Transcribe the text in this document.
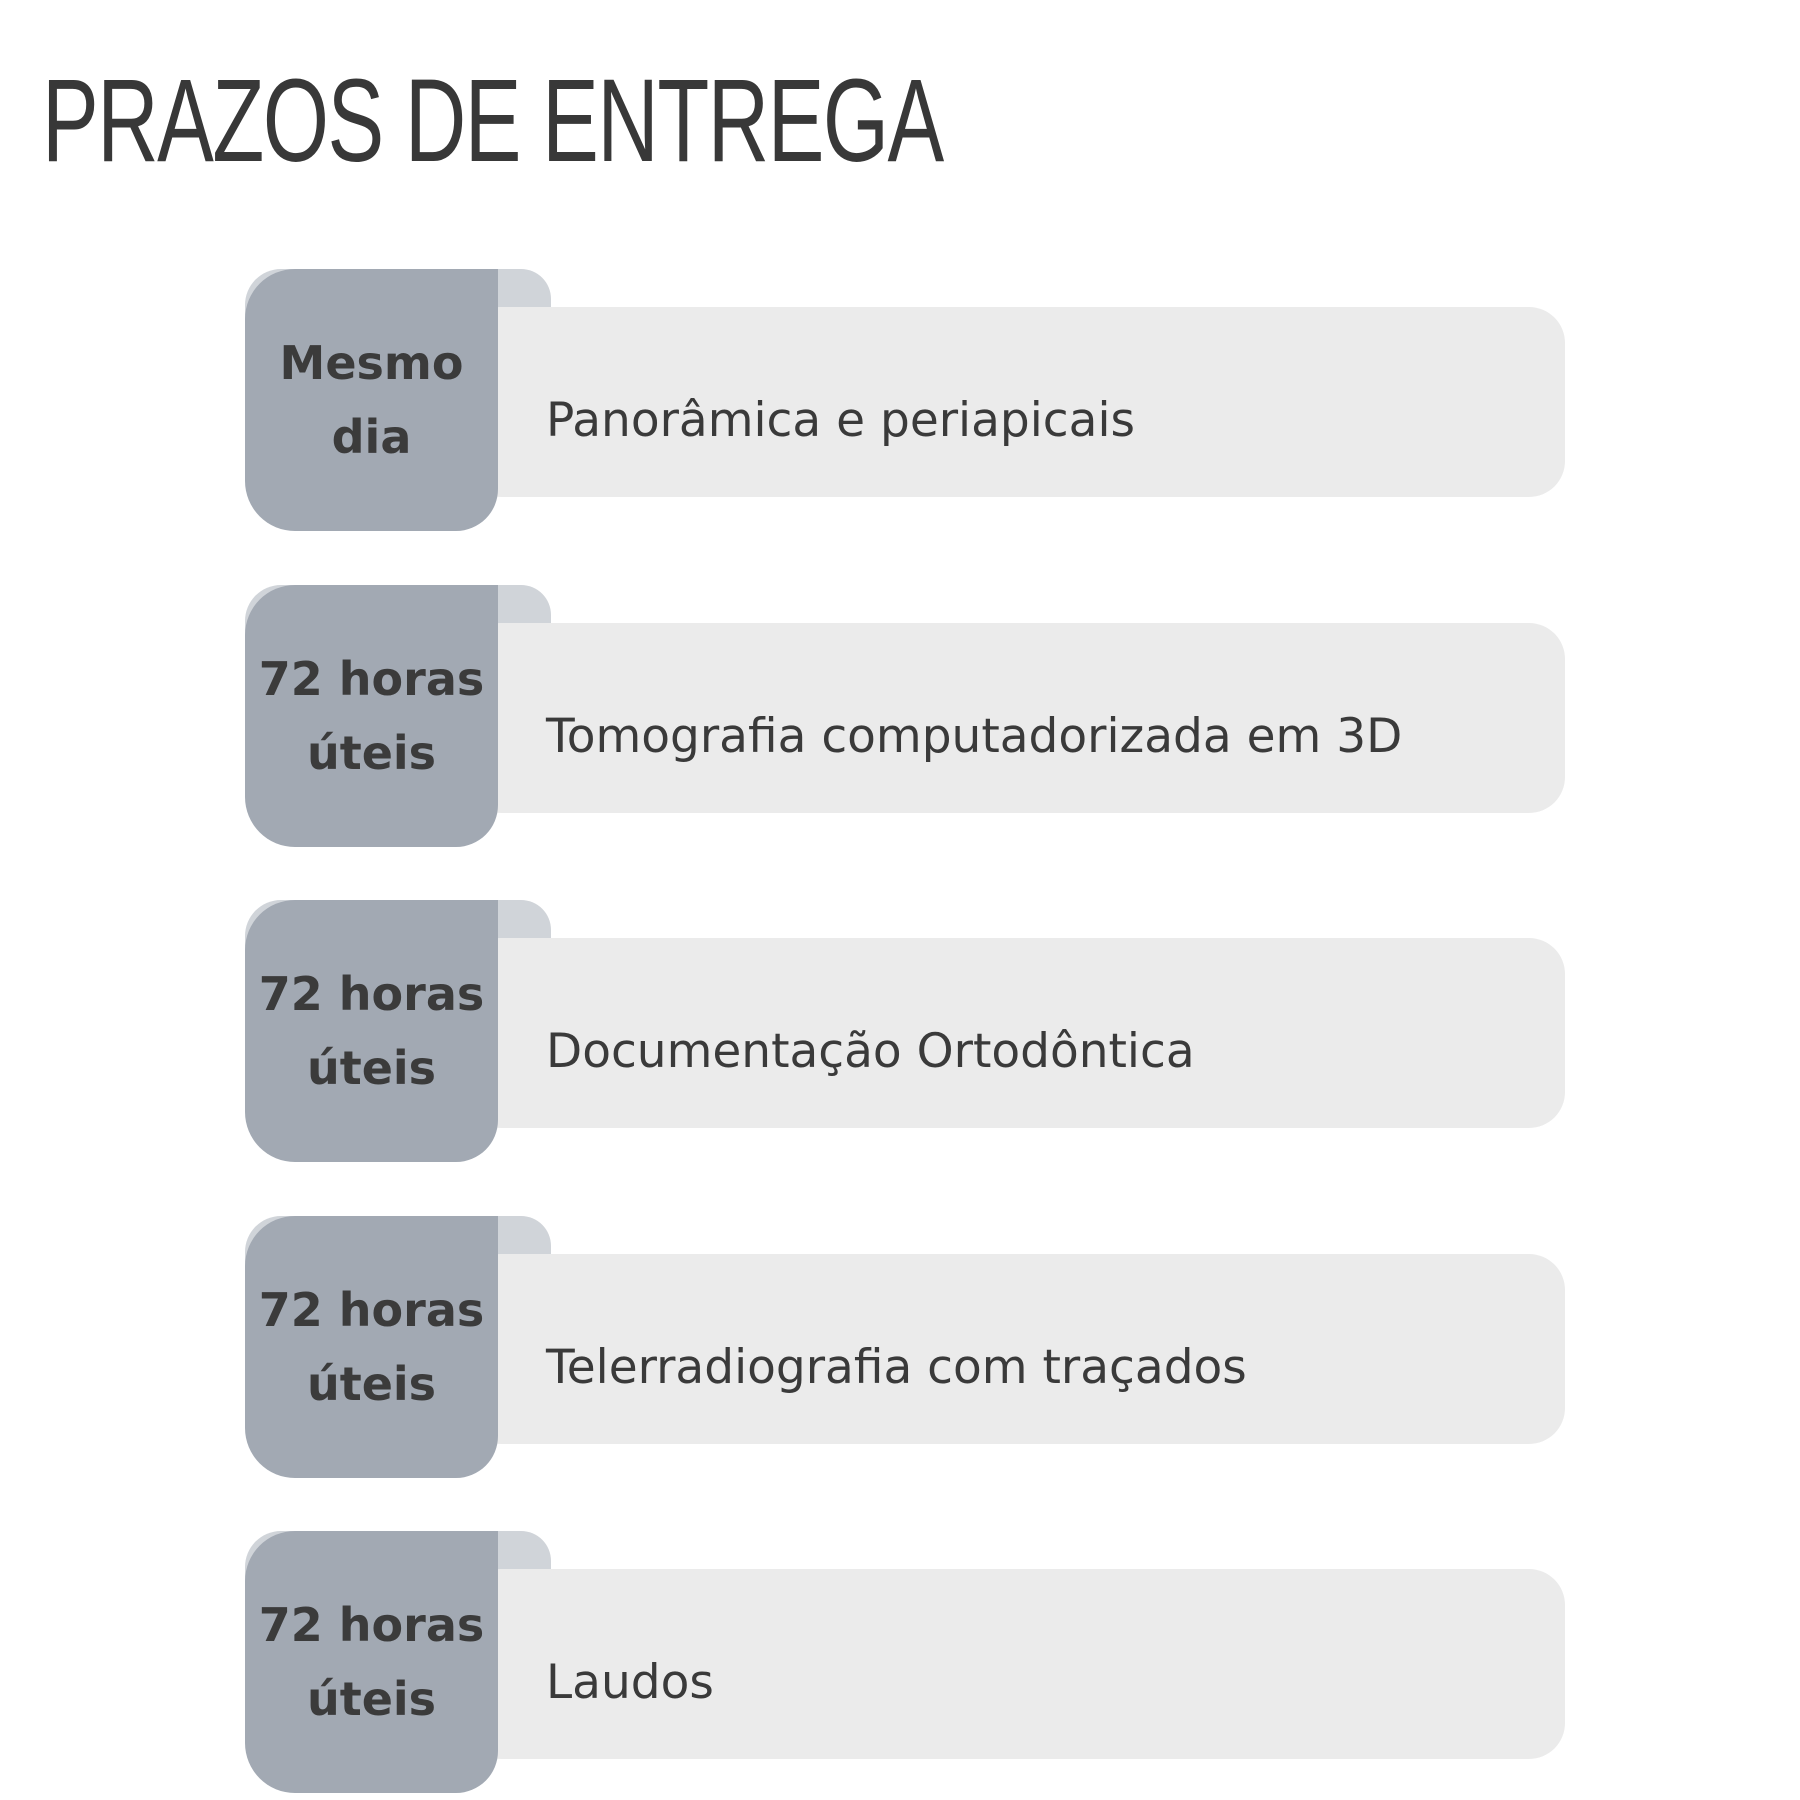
PRAZOS DE ENTREGA
Mesmo dia	Panorâmica e periapicais
72 horas úteis	Tomografia computadorizada em 3D
72 horas úteis	Documentação Ortodôntica
72 horas úteis	Telerradiografia com traçados
72 horas úteis	Laudos
